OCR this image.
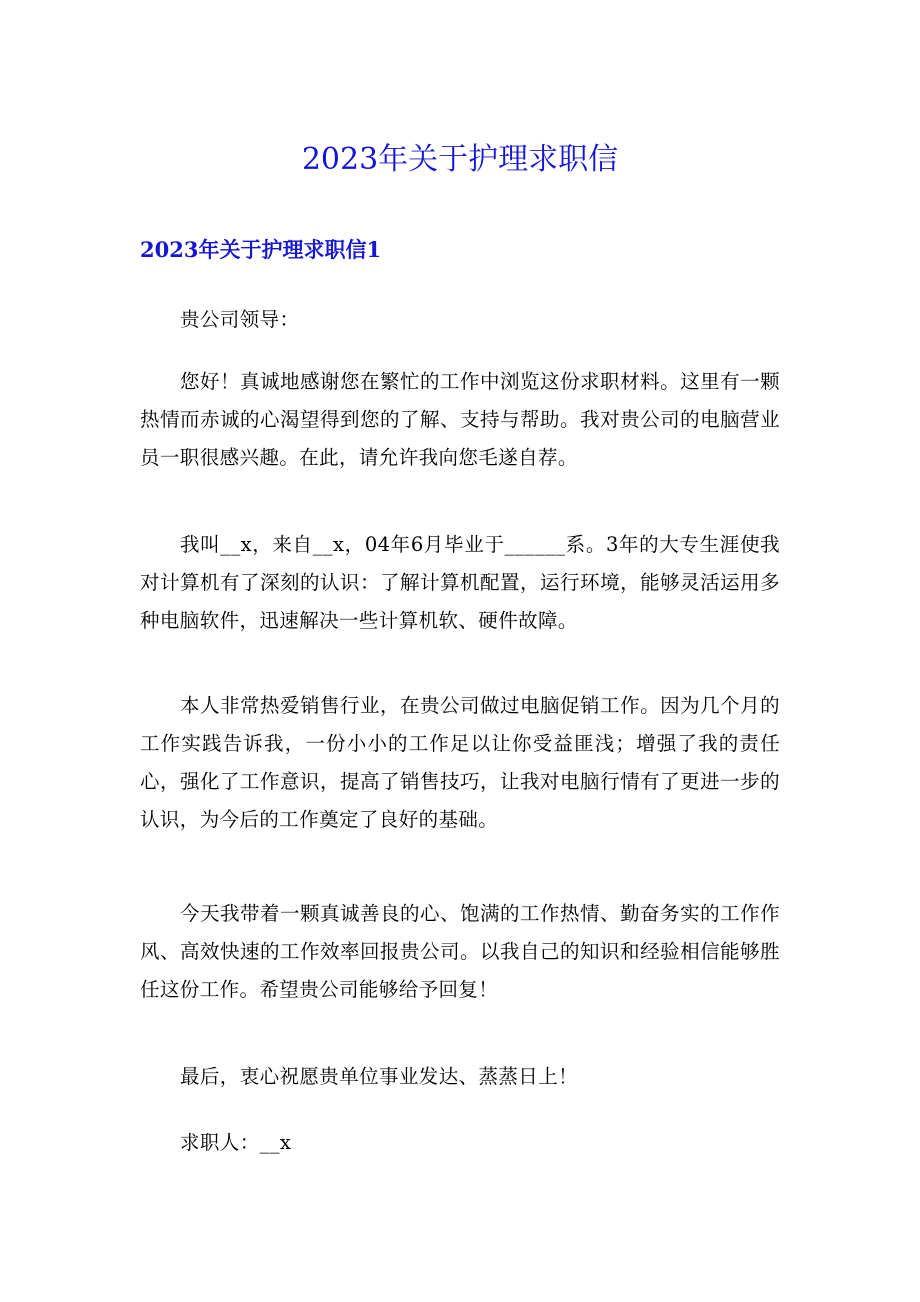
2023年关于护理求职信
2023年关于护理求职信1

贵公司领导：

您好！真诚地感谢您在繁忙的工作中浏览这份求职材料。这里有一颗热情而赤诚的心渴望得到您的了解、支持与帮助。我对贵公司的电脑营业员一职很感兴趣。在此，请允许我向您毛遂自荐。

我叫__x，来自__x，04年6月毕业于______系。3年的大专生涯使我对计算机有了深刻的认识：了解计算机配置，运行环境，能够灵活运用多种电脑软件，迅速解决一些计算机软、硬件故障。

本人非常热爱销售行业，在贵公司做过电脑促销工作。因为几个月的工作实践告诉我，一份小小的工作足以让你受益匪浅；增强了我的责任心，强化了工作意识，提高了销售技巧，让我对电脑行情有了更进一步的认识，为今后的工作奠定了良好的基础。

今天我带着一颗真诚善良的心、饱满的工作热情、勤奋务实的工作作风、高效快速的工作效率回报贵公司。以我自己的知识和经验相信能够胜任这份工作。希望贵公司能够给予回复！

最后，衷心祝愿贵单位事业发达、蒸蒸日上！

求职人：__x
